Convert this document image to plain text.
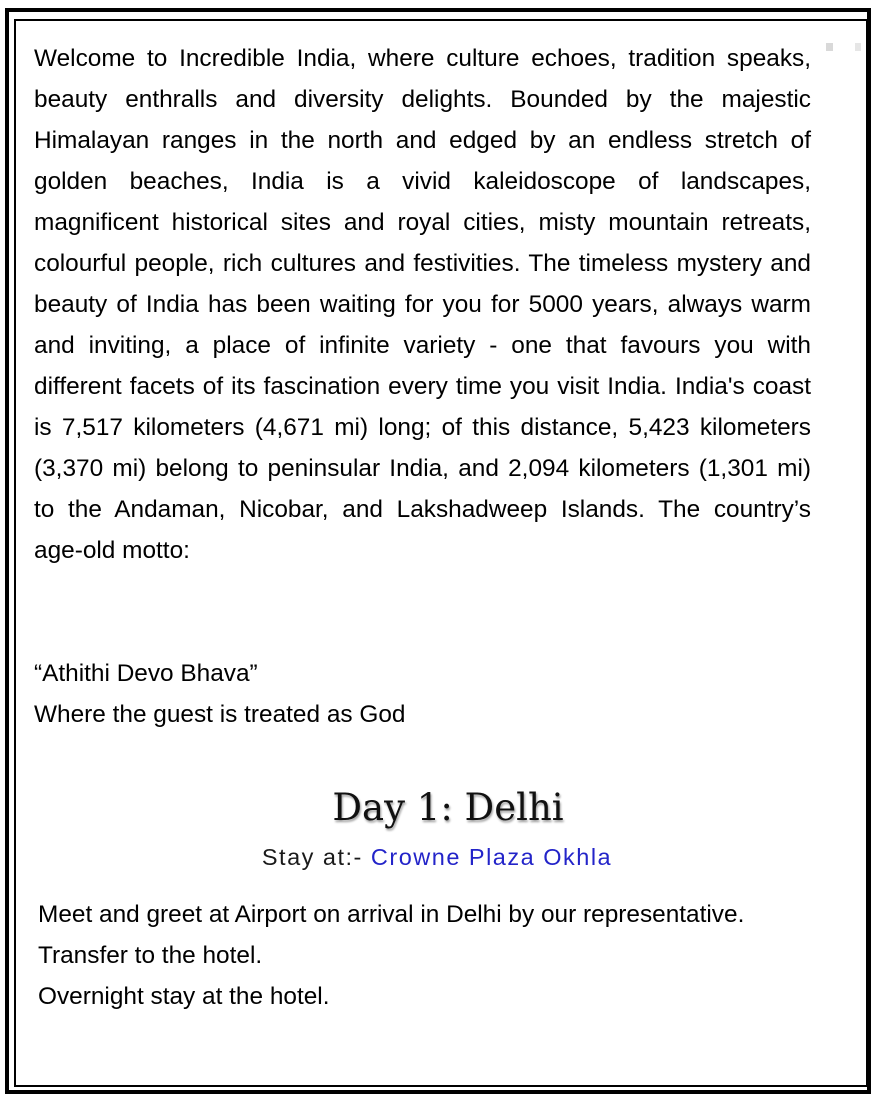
Welcome to Incredible India, where culture echoes, tradition speaks, beauty enthralls and diversity delights. Bounded by the majestic Himalayan ranges in the north and edged by an endless stretch of golden beaches, India is a vivid kaleidoscope of landscapes, magnificent historical sites and royal cities, misty mountain retreats, colourful people, rich cultures and festivities. The timeless mystery and beauty of India has been waiting for you for 5000 years, always warm and inviting, a place of infinite variety - one that favours you with different facets of its fascination every time you visit India. India's coast is 7,517 kilometers (4,671 mi) long; of this distance, 5,423 kilometers (3,370 mi) belong to peninsular India, and 2,094 kilometers (1,301 mi) to the Andaman, Nicobar, and Lakshadweep Islands. The country’s age-old motto:

“Athithi Devo Bhava”

Where the guest is treated as God

Day 1: Delhi

Stay at:- Crowne Plaza Okhla

Meet and greet at Airport on arrival in Delhi by our representative.
Transfer to the hotel.
Overnight stay at the hotel.
